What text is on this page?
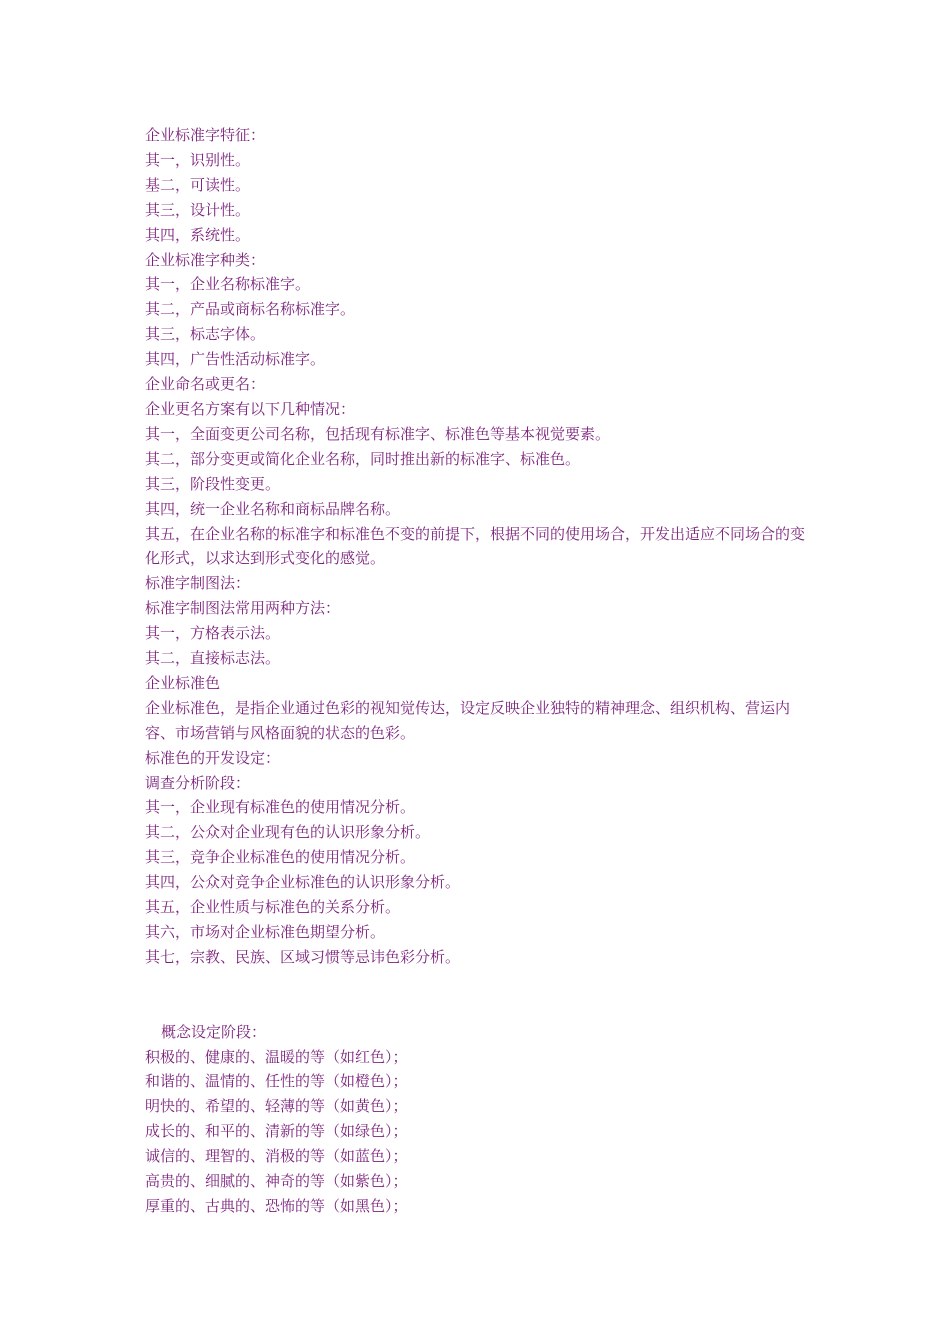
企业标准字特征：
其一，识别性。
基二，可读性。
其三，设计性。
其四，系统性。
企业标准字种类：
其一，企业名称标准字。
其二，产品或商标名称标准字。
其三，标志字体。
其四，广告性活动标准字。
企业命名或更名：
企业更名方案有以下几种情况：
其一，全面变更公司名称，包括现有标准字、标准色等基本视觉要素。
其二，部分变更或简化企业名称，同时推出新的标准字、标准色。
其三，阶段性变更。
其四，统一企业名称和商标品牌名称。
其五，在企业名称的标准字和标准色不变的前提下，根据不同的使用场合，开发出适应不同场合的变化形式，以求达到形式变化的感觉。
标准字制图法：
标准字制图法常用两种方法：
其一，方格表示法。
其二，直接标志法。
企业标准色
企业标准色，是指企业通过色彩的视知觉传达，设定反映企业独特的精神理念、组织机构、营运内容、市场营销与风格面貌的状态的色彩。
标准色的开发设定：
调查分析阶段：
其一，企业现有标准色的使用情况分析。
其二，公众对企业现有色的认识形象分析。
其三，竞争企业标准色的使用情况分析。
其四，公众对竞争企业标准色的认识形象分析。
其五，企业性质与标准色的关系分析。
其六，市场对企业标准色期望分析。
其七，宗教、民族、区域习惯等忌讳色彩分析。
概念设定阶段：
积极的、健康的、温暖的等（如红色）；
和谐的、温情的、任性的等（如橙色）；
明快的、希望的、轻薄的等（如黄色）；
成长的、和平的、清新的等（如绿色）；
诚信的、理智的、消极的等（如蓝色）；
高贵的、细腻的、神奇的等（如紫色）；
厚重的、古典的、恐怖的等（如黑色）；
